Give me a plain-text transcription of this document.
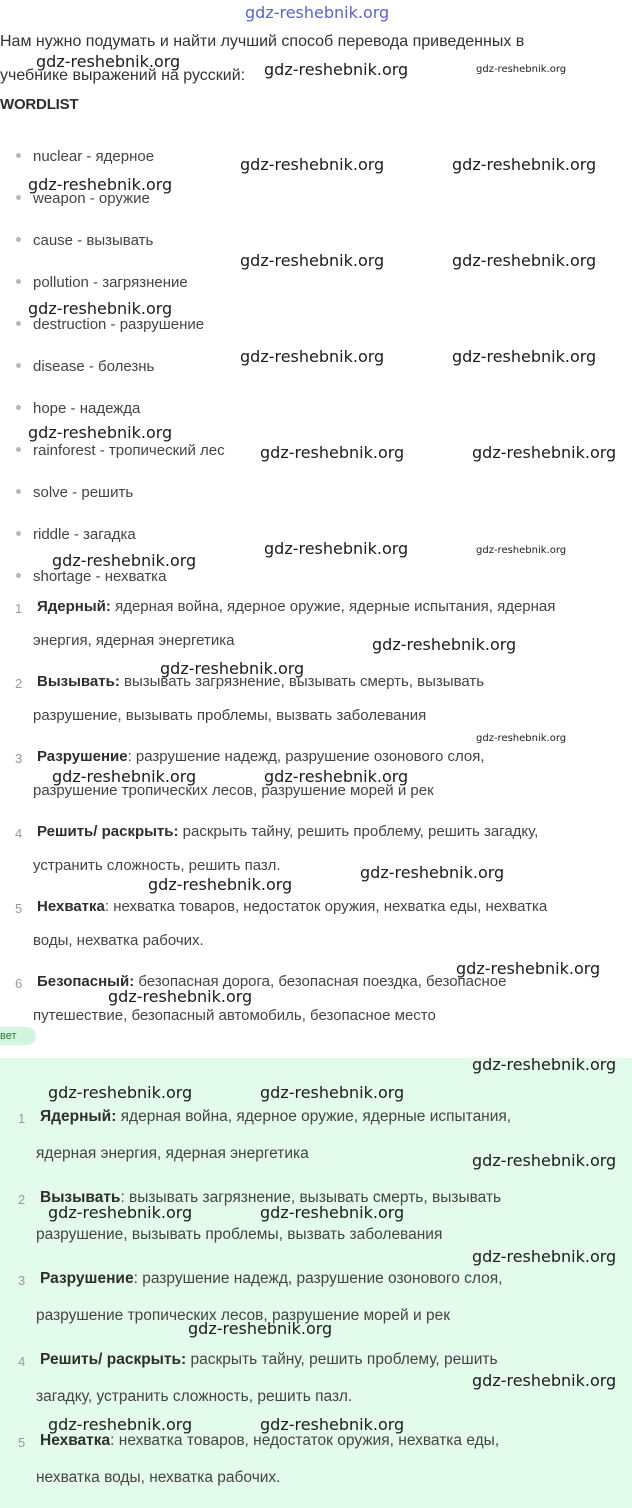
gdz-reshebnik.org
Нам нужно подумать и найти лучший способ перевода приведенных в
учебнике выражений на русский:
WORDLIST
nuclear - ядерное
weapon - оружие
cause - вызывать
pollution - загрязнение
destruction - разрушение
disease - болезнь
hope - надежда
rainforest - тропический лес
solve - решить
riddle - загадка
shortage - нехватка
1 Ядерный: ядерная война, ядерное оружие, ядерные испытания, ядерная
энергия, ядерная энергетика
2 Вызывать: вызывать загрязнение, вызывать смерть, вызывать
разрушение, вызывать проблемы, вызвать заболевания
3 Разрушение: разрушение надежд, разрушение озонового слоя,
разрушение тропических лесов, разрушение морей и рек
4 Решить/ раскрыть: раскрыть тайну, решить проблему, решить загадку,
устранить сложность, решить пазл.
5 Нехватка: нехватка товаров, недостаток оружия, нехватка еды, нехватка
воды, нехватка рабочих.
6 Безопасный: безопасная дорога, безопасная поездка, безопасное
путешествие, безопасный автомобиль, безопасное место
вет
1 Ядерный: ядерная война, ядерное оружие, ядерные испытания,
ядерная энергия, ядерная энергетика
2 Вызывать: вызывать загрязнение, вызывать смерть, вызывать
разрушение, вызывать проблемы, вызвать заболевания
3 Разрушение: разрушение надежд, разрушение озонового слоя,
разрушение тропических лесов, разрушение морей и рек
4 Решить/ раскрыть: раскрыть тайну, решить проблему, решить
загадку, устранить сложность, решить пазл.
5 Нехватка: нехватка товаров, недостаток оружия, нехватка еды,
нехватка воды, нехватка рабочих.
gdz-reshebnik.org	gdz-reshebnik.org	gdz-reshebnik.org
gdz-reshebnik.org	gdz-reshebnik.org
gdz-reshebnik.org
gdz-reshebnik.org	gdz-reshebnik.org
gdz-reshebnik.org
gdz-reshebnik.org	gdz-reshebnik.org
gdz-reshebnik.org
gdz-reshebnik.org	gdz-reshebnik.org
gdz-reshebnik.org	gdz-reshebnik.org
gdz-reshebnik.org
gdz-reshebnik.org
gdz-reshebnik.org
gdz-reshebnik.org
gdz-reshebnik.org	gdz-reshebnik.org
gdz-reshebnik.org
gdz-reshebnik.org
gdz-reshebnik.org
gdz-reshebnik.org
gdz-reshebnik.org
gdz-reshebnik.org	gdz-reshebnik.org
gdz-reshebnik.org
gdz-reshebnik.org	gdz-reshebnik.org
gdz-reshebnik.org
gdz-reshebnik.org
gdz-reshebnik.org
gdz-reshebnik.org	gdz-reshebnik.org
